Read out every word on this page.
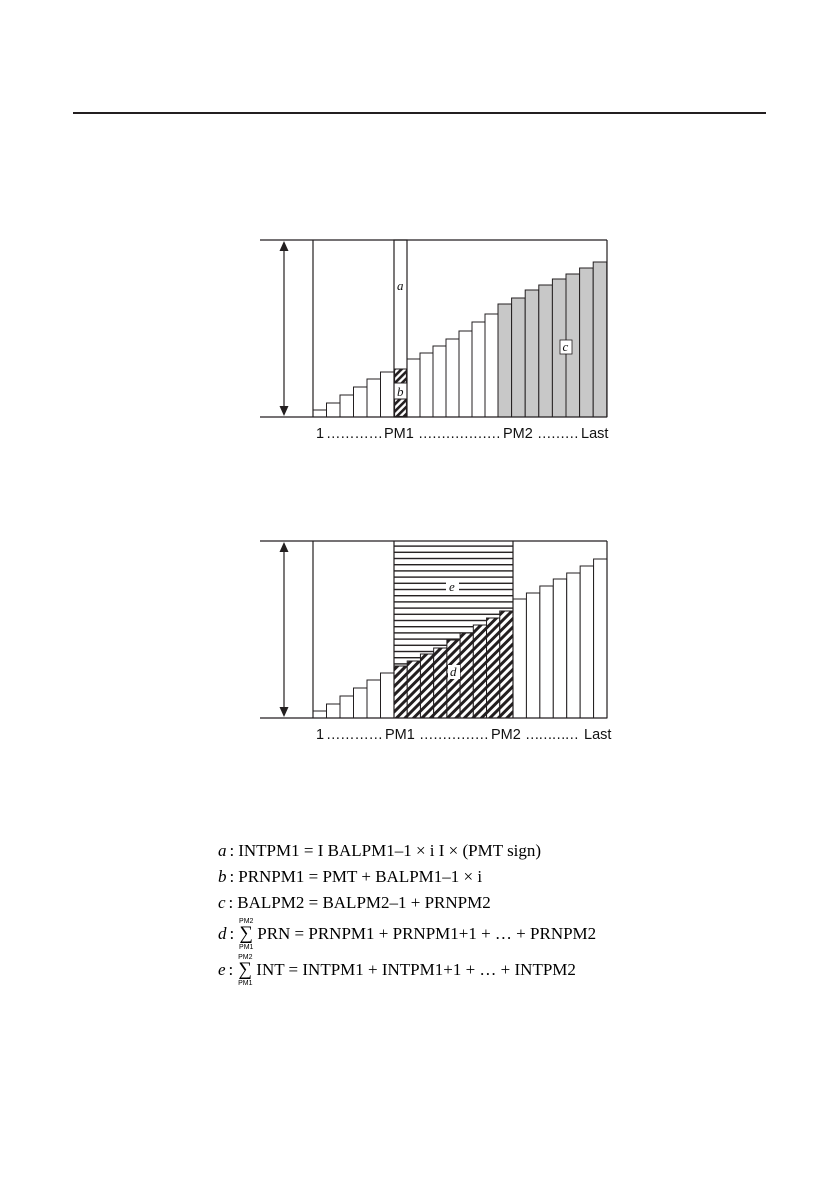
a
b
c
1 ………… PM1 ……………… PM2 ……… Last
e
d
1 ………… PM1 …………… PM2 ………… Last
a : INTPM1 = I BALPM1–1 × i I × (PMT sign)
b : PRNPM1 = PMT + BALPM1–1 × i
c : BALPM2 = BALPM2–1 + PRNPM2
d : ∑
PM2
PM1
PRN = PRNPM1 + PRNPM1+1 + … + PRNPM2
e : ∑
PM2
PM1
INT = INTPM1 + INTPM1+1 + … + INTPM2
